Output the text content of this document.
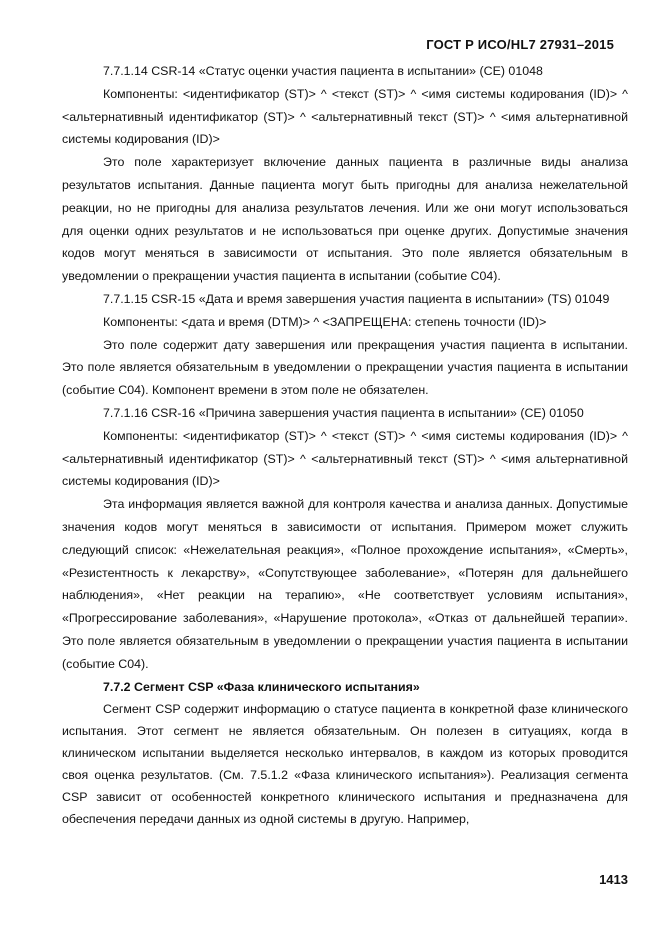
ГОСТ Р ИСО/HL7 27931–2015

7.7.1.14 CSR-14 «Статус оценки участия пациента в испытании» (CE) 01048

Компоненты: <идентификатор (ST)> ^ <текст (ST)> ^ <имя системы кодирования (ID)> ^ <альтернативный идентификатор (ST)> ^ <альтернативный текст (ST)> ^ <имя альтернативной системы кодирования (ID)>

Это поле характеризует включение данных пациента в различные виды анализа результатов испытания. Данные пациента могут быть пригодны для анализа нежелательной реакции, но не пригодны для анализа результатов лечения. Или же они могут использоваться для оценки одних результатов и не использоваться при оценке других. Допустимые значения кодов могут меняться в зависимости от испытания. Это поле является обязательным в уведомлении о прекращении участия пациента в испытании (событие C04).

7.7.1.15 CSR-15 «Дата и время завершения участия пациента в испытании» (TS) 01049

Компоненты: <дата и время (DTM)> ^ <ЗАПРЕЩЕНА: степень точности (ID)>

Это поле содержит дату завершения или прекращения участия пациента в испытании. Это поле является обязательным в уведомлении о прекращении участия пациента в испытании (событие C04). Компонент времени в этом поле не обязателен.

7.7.1.16 CSR-16 «Причина завершения участия пациента в испытании» (CE) 01050

Компоненты: <идентификатор (ST)> ^ <текст (ST)> ^ <имя системы кодирования (ID)> ^ <альтернативный идентификатор (ST)> ^ <альтернативный текст (ST)> ^ <имя альтернативной системы кодирования (ID)>

Эта информация является важной для контроля качества и анализа данных. Допустимые значения кодов могут меняться в зависимости от испытания. Примером может служить следующий список: «Нежелательная реакция», «Полное прохождение испытания», «Смерть», «Резистентность к лекарству», «Сопутствующее заболевание», «Потерян для дальнейшего наблюдения», «Нет реакции на терапию», «Не соответствует условиям испытания», «Прогрессирование заболевания», «Нарушение протокола», «Отказ от дальнейшей терапии». Это поле является обязательным в уведомлении о прекращении участия пациента в испытании (событие C04).

7.7.2 Сегмент CSP «Фаза клинического испытания»

Сегмент CSP содержит информацию о статусе пациента в конкретной фазе клинического испытания. Этот сегмент не является обязательным. Он полезен в ситуациях, когда в клиническом испытании выделяется несколько интервалов, в каждом из которых проводится своя оценка результатов. (См. 7.5.1.2 «Фаза клинического испытания»). Реализация сегмента CSP зависит от особенностей конкретного клинического испытания и предназначена для обеспечения передачи данных из одной системы в другую. Например,

1413
